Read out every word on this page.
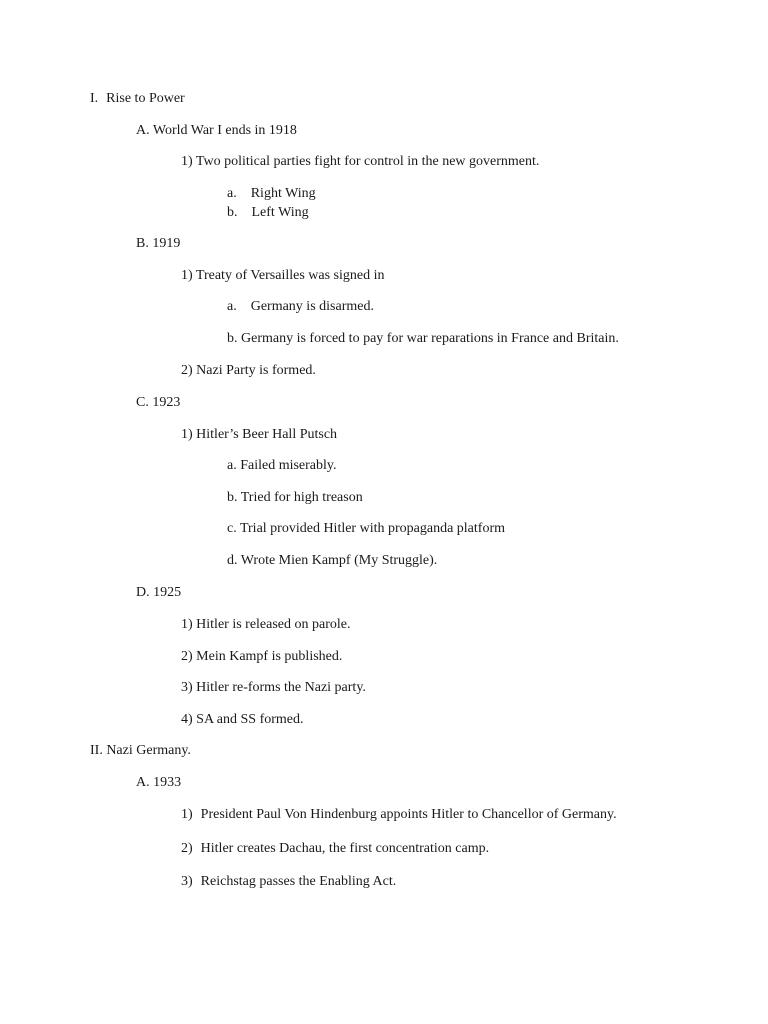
I. Rise to Power
A. World War I ends in 1918
1) Two political parties fight for control in the new government.
a. Right Wing
b. Left Wing
B. 1919
1) Treaty of Versailles was signed in
a. Germany is disarmed.
b. Germany is forced to pay for war reparations in France and Britain.
2) Nazi Party is formed.
C. 1923
1) Hitler’s Beer Hall Putsch
a. Failed miserably.
b. Tried for high treason
c. Trial provided Hitler with propaganda platform
d. Wrote Mien Kampf (My Struggle).
D. 1925
1) Hitler is released on parole.
2) Mein Kampf is published.
3) Hitler re-forms the Nazi party.
4) SA and SS formed.
II. Nazi Germany.
A. 1933
1) President Paul Von Hindenburg appoints Hitler to Chancellor of Germany.
2) Hitler creates Dachau, the first concentration camp.
3) Reichstag passes the Enabling Act.
